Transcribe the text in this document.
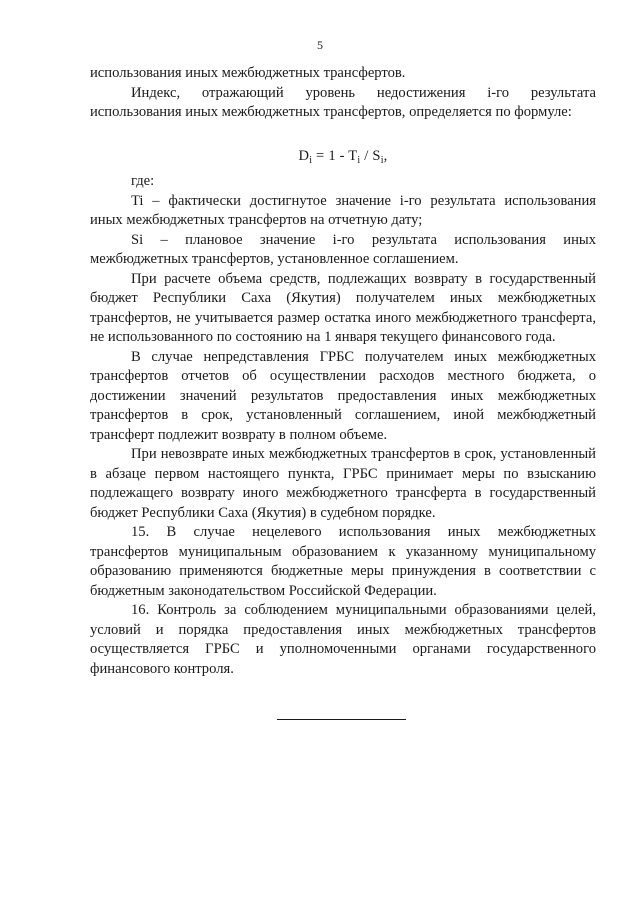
5

использования иных межбюджетных трансфертов.

Индекс, отражающий уровень недостижения i-го результата использования иных межбюджетных трансфертов, определяется по формуле:

$D_i = 1 - T_i / S_i$,

где:

Ti – фактически достигнутое значение i-го результата использования иных межбюджетных трансфертов на отчетную дату;

Si – плановое значение i-го результата использования иных межбюджетных трансфертов, установленное соглашением.

При расчете объема средств, подлежащих возврату в государственный бюджет Республики Саха (Якутия) получателем иных межбюджетных трансфертов, не учитывается размер остатка иного межбюджетного трансферта, не использованного по состоянию на 1 января текущего финансового года.

В случае непредставления ГРБС получателем иных межбюджетных трансфертов отчетов об осуществлении расходов местного бюджета, о достижении значений результатов предоставления иных межбюджетных трансфертов в срок, установленный соглашением, иной межбюджетный трансферт подлежит возврату в полном объеме.

При невозврате иных межбюджетных трансфертов в срок, установленный в абзаце первом настоящего пункта, ГРБС принимает меры по взысканию подлежащего возврату иного межбюджетного трансферта в государственный бюджет Республики Саха (Якутия) в судебном порядке.

15. В случае нецелевого использования иных межбюджетных трансфертов муниципальным образованием к указанному муниципальному образованию применяются бюджетные меры принуждения в соответствии с бюджетным законодательством Российской Федерации.

16. Контроль за соблюдением муниципальными образованиями целей, условий и порядка предоставления иных межбюджетных трансфертов осуществляется ГРБС и уполномоченными органами государственного финансового контроля.
